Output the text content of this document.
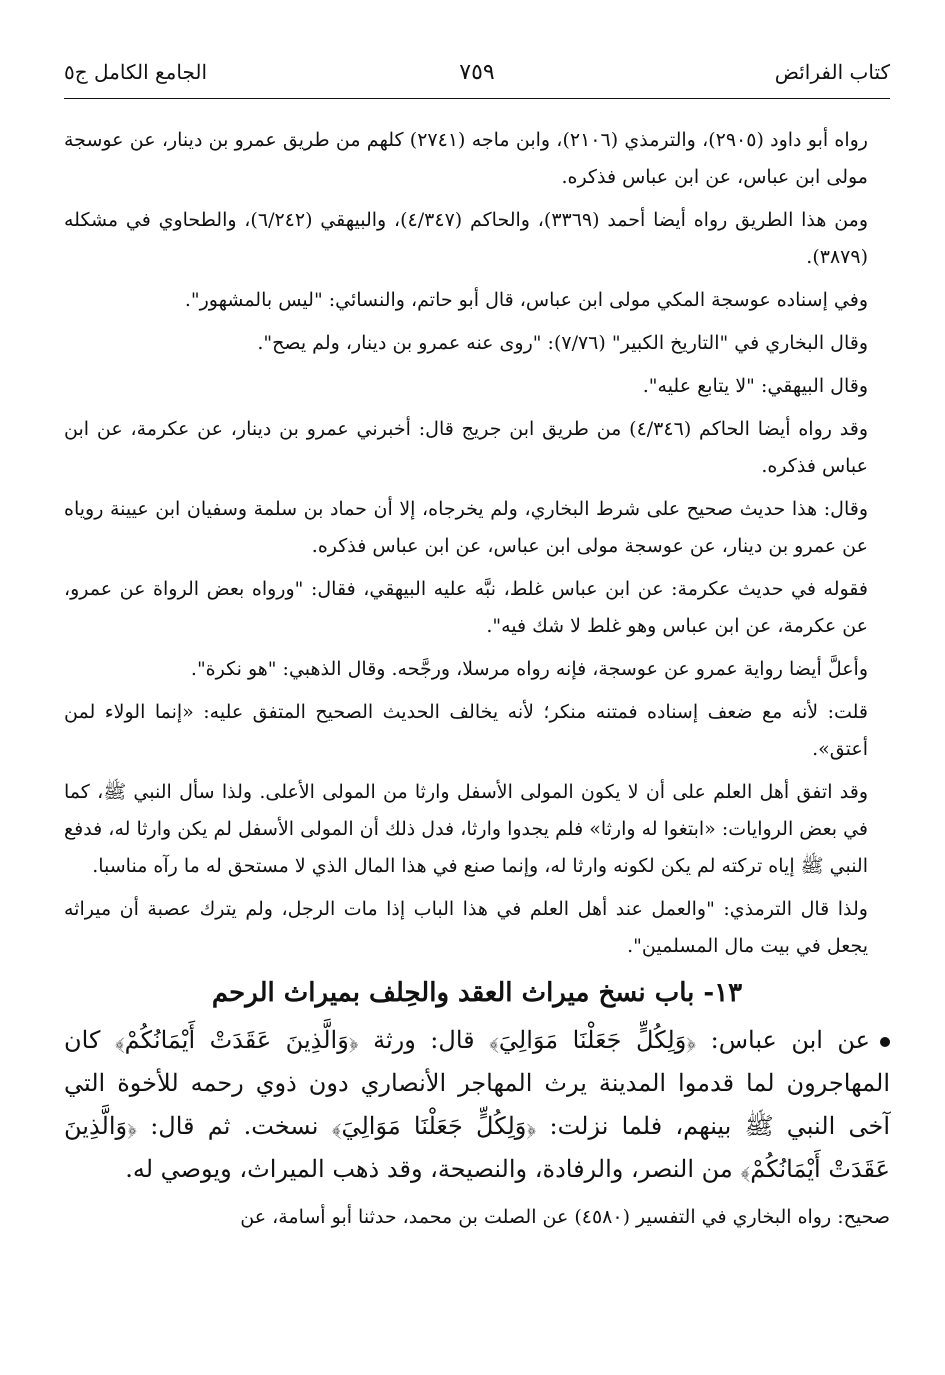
كتاب الفرائض
٧٥٩
الجامع الكامل ج٥

رواه أبو داود (٢٩٠٥)، والترمذي (٢١٠٦)، وابن ماجه (٢٧٤١) كلهم من طريق عمرو بن دينار، عن عوسجة مولى ابن عباس، عن ابن عباس فذكره.

ومن هذا الطريق رواه أيضا أحمد (٣٣٦٩)، والحاكم (٤/٣٤٧)، والبيهقي (٦/٢٤٢)، والطحاوي في مشكله (٣٨٧٩).

وفي إسناده عوسجة المكي مولى ابن عباس، قال أبو حاتم، والنسائي: "ليس بالمشهور".

وقال البخاري في "التاريخ الكبير" (٧/٧٦): "روى عنه عمرو بن دينار، ولم يصح".

وقال البيهقي: "لا يتابع عليه".

وقد رواه أيضا الحاكم (٤/٣٤٦) من طريق ابن جريج قال: أخبرني عمرو بن دينار، عن عكرمة، عن ابن عباس فذكره.

وقال: هذا حديث صحيح على شرط البخاري، ولم يخرجاه، إلا أن حماد بن سلمة وسفيان ابن عيينة روياه عن عمرو بن دينار، عن عوسجة مولى ابن عباس، عن ابن عباس فذكره.

فقوله في حديث عكرمة: عن ابن عباس غلط، نبَّه عليه البيهقي، فقال: "ورواه بعض الرواة عن عمرو، عن عكرمة، عن ابن عباس وهو غلط لا شك فيه".

وأعلَّ أيضا رواية عمرو عن عوسجة، فإنه رواه مرسلا، ورجَّحه. وقال الذهبي: "هو نكرة".

قلت: لأنه مع ضعف إسناده فمتنه منكر؛ لأنه يخالف الحديث الصحيح المتفق عليه: «إنما الولاء لمن أعتق».

وقد اتفق أهل العلم على أن لا يكون المولى الأسفل وارثا من المولى الأعلى. ولذا سأل النبي ﷺ، كما في بعض الروايات: «ابتغوا له وارثا» فلم يجدوا وارثا، فدل ذلك أن المولى الأسفل لم يكن وارثا له، فدفع النبي ﷺ إياه تركته لم يكن لكونه وارثا له، وإنما صنع في هذا المال الذي لا مستحق له ما رآه مناسبا.

ولذا قال الترمذي: "والعمل عند أهل العلم في هذا الباب إذا مات الرجل، ولم يترك عصبة أن ميراثه يجعل في بيت مال المسلمين".

١٣- باب نسخ ميراث العقد والحِلف بميراث الرحم

عن ابن عباس: ﴿وَلِكُلٍّ جَعَلْنَا مَوَالِيَ﴾ قال: ورثة ﴿وَالَّذِينَ عَقَدَتْ أَيْمَانُكُمْ﴾ كان المهاجرون لما قدموا المدينة يرث المهاجر الأنصاري دون ذوي رحمه للأخوة التي آخى النبي ﷺ بينهم، فلما نزلت: ﴿وَلِكُلٍّ جَعَلْنَا مَوَالِيَ﴾ نسخت. ثم قال: ﴿وَالَّذِينَ عَقَدَتْ أَيْمَانُكُمْ﴾ من النصر، والرفادة، والنصيحة، وقد ذهب الميراث، ويوصي له.

صحيح: رواه البخاري في التفسير (٤٥٨٠) عن الصلت بن محمد، حدثنا أبو أسامة، عن
